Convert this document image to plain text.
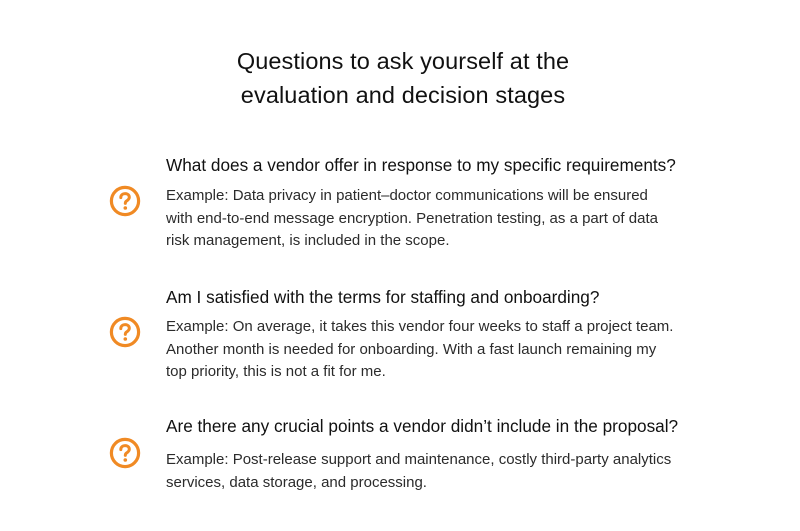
Questions to ask yourself at the
evaluation and decision stages
What does a vendor offer in response to my specific requirements?
Example: Data privacy in patient–doctor communications will be ensured
with end-to-end message encryption. Penetration testing, as a part of data
risk management, is included in the scope.
Am I satisfied with the terms for staffing and onboarding?
Example: On average, it takes this vendor four weeks to staff a project team.
Another month is needed for onboarding. With a fast launch remaining my
top priority, this is not a fit for me.
Are there any crucial points a vendor didn’t include in the proposal?
Example: Post-release support and maintenance, costly third-party analytics
services, data storage, and processing.
